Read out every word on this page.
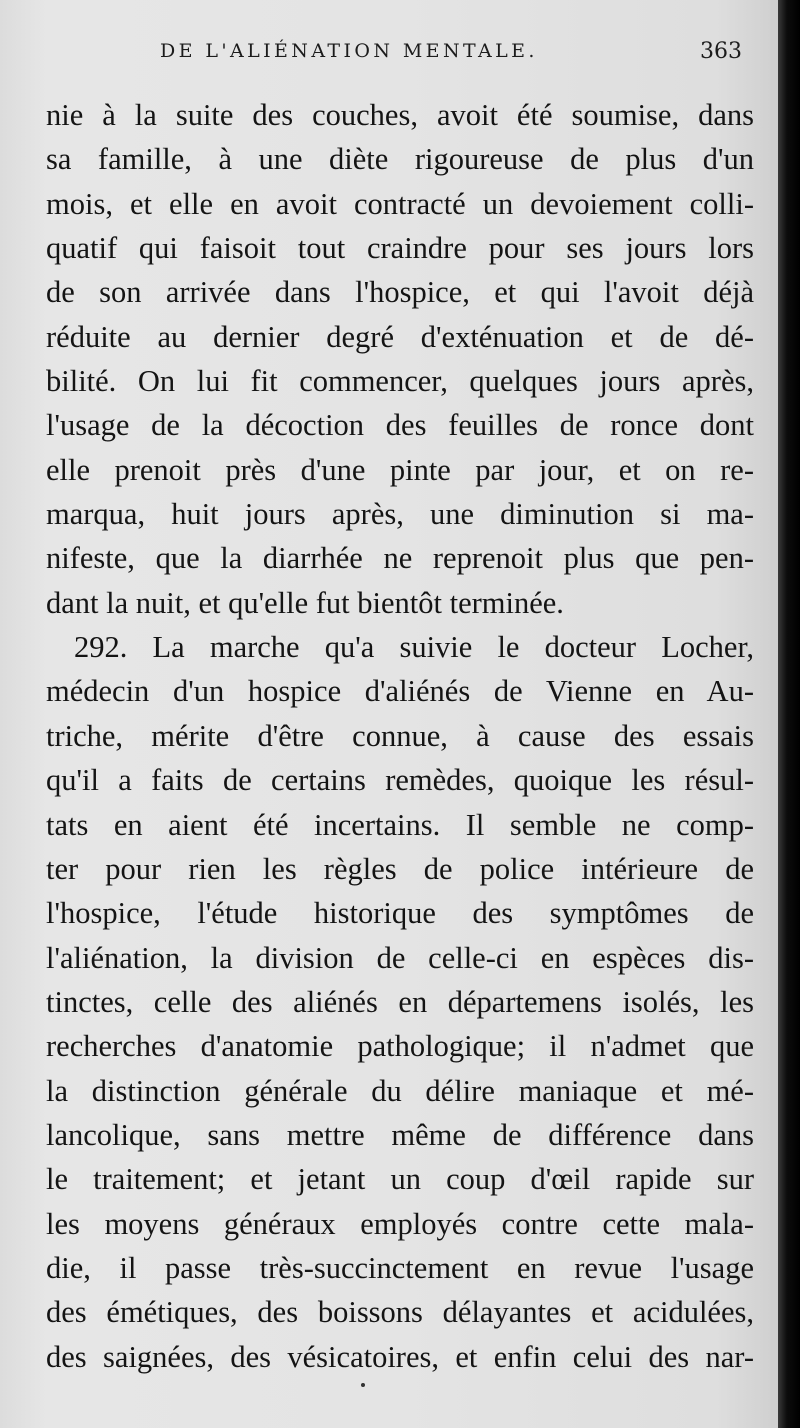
DE L'ALIÉNATION MENTALE.	363
nie à la suite des couches, avoit été soumise, dans
sa famille, à une diète rigoureuse de plus d'un
mois, et elle en avoit contracté un devoiement colli-
quatif qui faisoit tout craindre pour ses jours lors
de son arrivée dans l'hospice, et qui l'avoit déjà
réduite au dernier degré d'exténuation et de dé-
bilité. On lui fit commencer, quelques jours après,
l'usage de la décoction des feuilles de ronce dont
elle prenoit près d'une pinte par jour, et on re-
marqua, huit jours après, une diminution si ma-
nifeste, que la diarrhée ne reprenoit plus que pen-
dant la nuit, et qu'elle fut bientôt terminée.
292. La marche qu'a suivie le docteur Locher,
médecin d'un hospice d'aliénés de Vienne en Au-
triche, mérite d'être connue, à cause des essais
qu'il a faits de certains remèdes, quoique les résul-
tats en aient été incertains. Il semble ne comp-
ter pour rien les règles de police intérieure de
l'hospice, l'étude historique des symptômes de
l'aliénation, la division de celle-ci en espèces dis-
tinctes, celle des aliénés en départemens isolés, les
recherches d'anatomie pathologique; il n'admet que
la distinction générale du délire maniaque et mé-
lancolique, sans mettre même de différence dans
le traitement; et jetant un coup d'œil rapide sur
les moyens généraux employés contre cette mala-
die, il passe très-succinctement en revue l'usage
des émétiques, des boissons délayantes et acidulées,
des saignées, des vésicatoires, et enfin celui des nar-
